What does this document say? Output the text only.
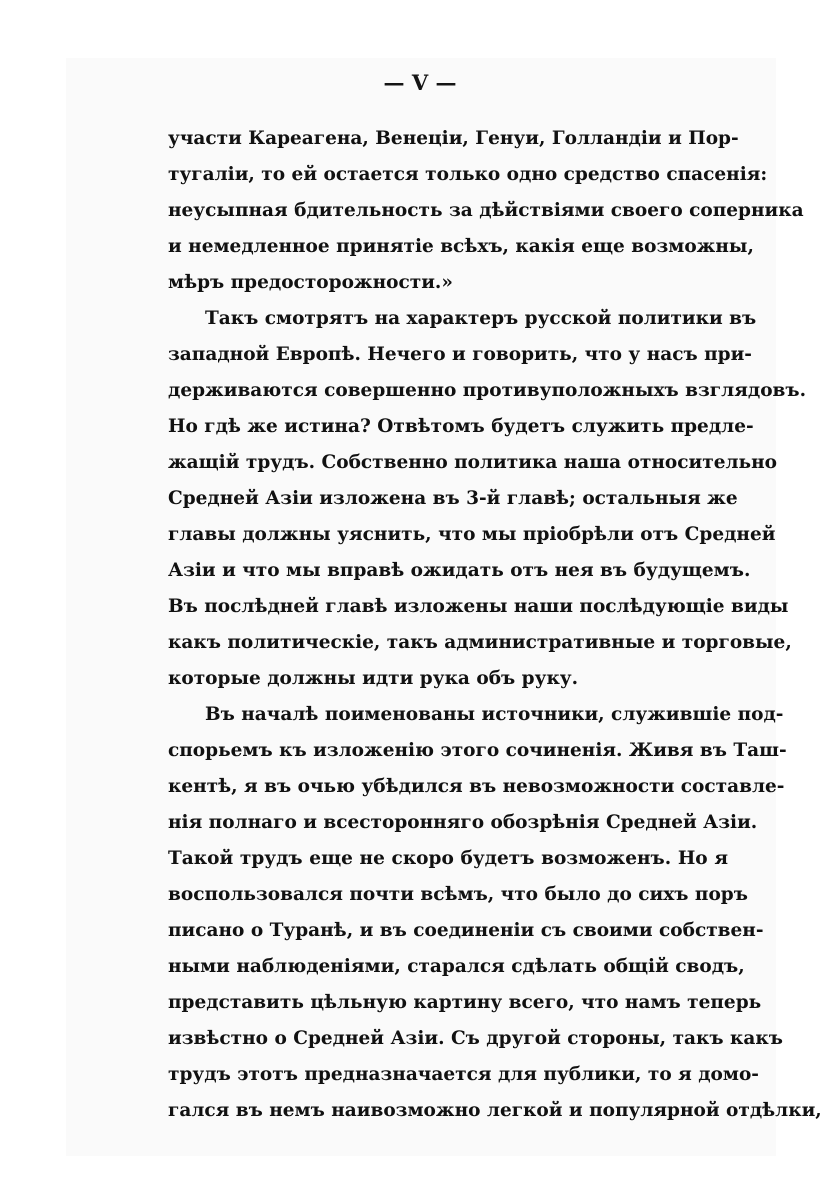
— V —
участи Кареагена, Венеціи, Генуи, Голландіи и Пор-
тугаліи, то ей остается только одно средство спасенія:
неусыпная бдительность за дѣйствіями своего соперника
и немедленное принятіе всѣхъ, какія еще возможны,
мѣръ предосторожности.»
Такъ смотрятъ на характеръ русской политики въ
западной Европѣ. Нечего и говорить, что у насъ при-
держиваются совершенно противуположныхъ взглядовъ.
Но гдѣ же истина? Отвѣтомъ будетъ служить предле-
жащій трудъ. Собственно политика наша относительно
Средней Азіи изложена въ 3-й главѣ; остальныя же
главы должны уяснить, что мы пріобрѣли отъ Средней
Азіи и что мы вправѣ ожидать отъ нея въ будущемъ.
Въ послѣдней главѣ изложены наши послѣдующіе виды
какъ политическіе, такъ административные и торговые,
которые должны идти рука объ руку.
Въ началѣ поименованы источники, служившіе под-
спорьемъ къ изложенію этого сочиненія. Живя въ Таш-
кентѣ, я въ очью убѣдился въ невозможности составле-
нія полнаго и всесторонняго обозрѣнія Средней Азіи.
Такой трудъ еще не скоро будетъ возможенъ. Но я
воспользовался почти всѣмъ, что было до сихъ поръ
писано о Туранѣ, и въ соединеніи съ своими собствен-
ными наблюденіями, старался сдѣлать общій сводъ,
представить цѣльную картину всего, что намъ теперь
извѣстно о Средней Азіи. Съ другой стороны, такъ какъ
трудъ этотъ предназначается для публики, то я домо-
гался въ немъ наивозможно легкой и популярной отдѣлки,
